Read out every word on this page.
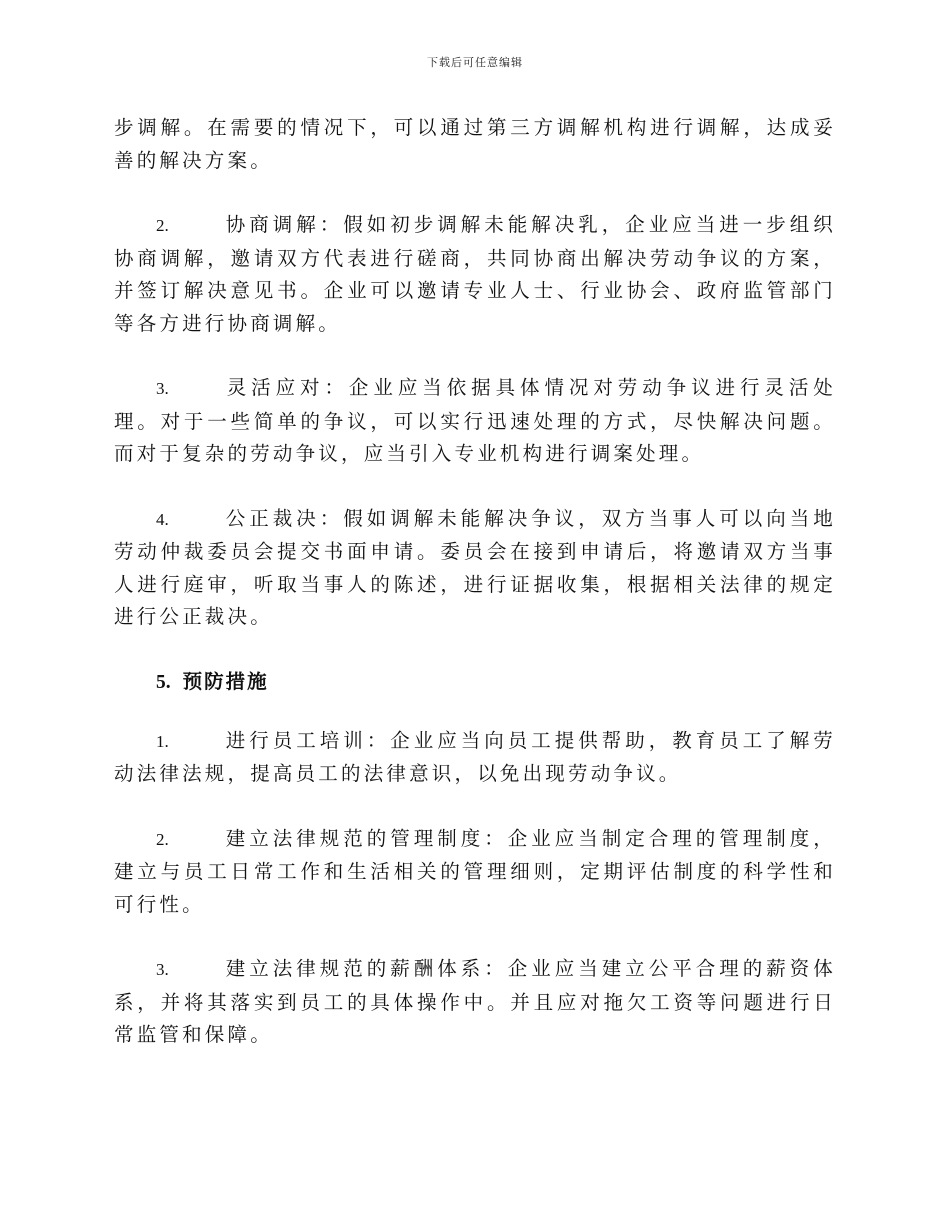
下载后可任意编辑

步调解。在需要的情况下，可以通过第三方调解机构进行调解，达成妥善的解决方案。

2.	协商调解：假如初步调解未能解决乳，企业应当进一步组织协商调解，邀请双方代表进行磋商，共同协商出解决劳动争议的方案，并签订解决意见书。企业可以邀请专业人士、行业协会、政府监管部门等各方进行协商调解。

3.	灵活应对：企业应当依据具体情况对劳动争议进行灵活处理。对于一些简单的争议，可以实行迅速处理的方式，尽快解决问题。而对于复杂的劳动争议，应当引入专业机构进行调案处理。

4.	公正裁决：假如调解未能解决争议，双方当事人可以向当地劳动仲裁委员会提交书面申请。委员会在接到申请后，将邀请双方当事人进行庭审，听取当事人的陈述，进行证据收集，根据相关法律的规定进行公正裁决。

5. 预防措施

1.	进行员工培训：企业应当向员工提供帮助，教育员工了解劳动法律法规，提高员工的法律意识，以免出现劳动争议。

2.	建立法律规范的管理制度：企业应当制定合理的管理制度，建立与员工日常工作和生活相关的管理细则，定期评估制度的科学性和可行性。

3.	建立法律规范的薪酬体系：企业应当建立公平合理的薪资体系，并将其落实到员工的具体操作中。并且应对拖欠工资等问题进行日常监管和保障。
